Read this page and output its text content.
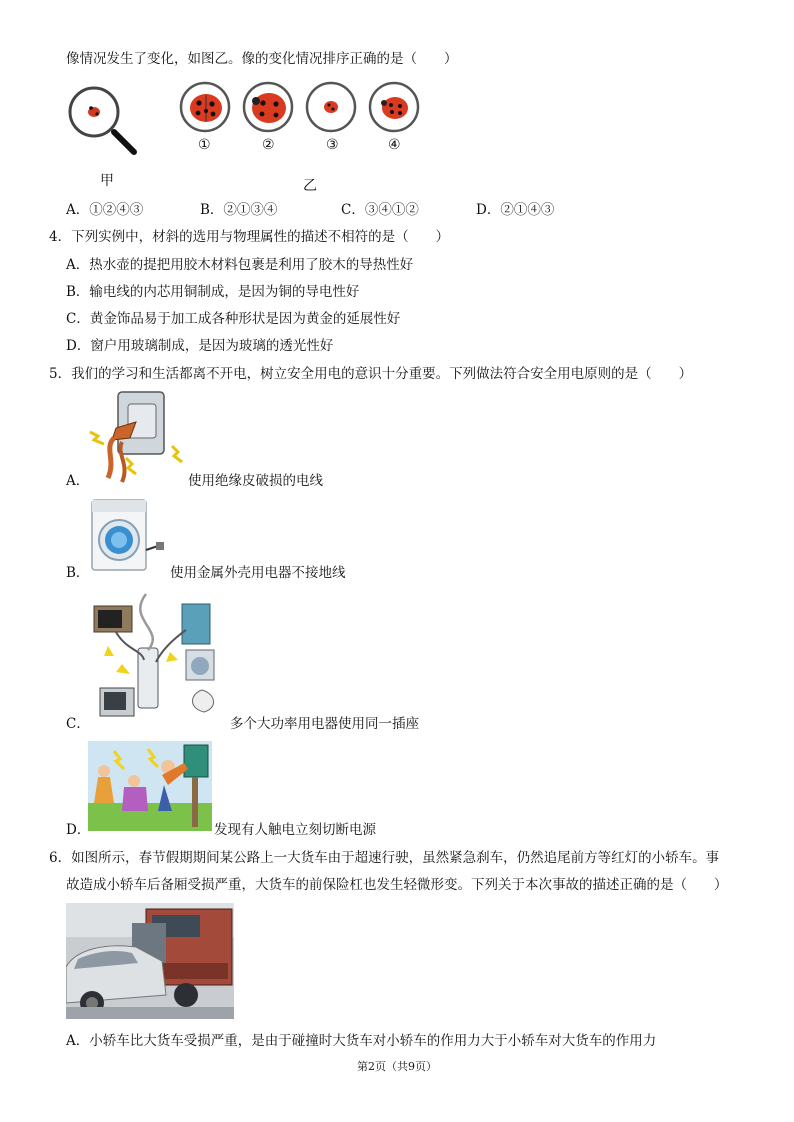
像情况发生了变化，如图乙。像的变化情况排序正确的是（　　）
甲
①	②	③	④
乙
A．①②④③	B．②①③④	C．③④①②	D．②①④③
4．下列实例中，材斜的选用与物理属性的描述不相符的是（　　）
A．热水壶的提把用胶木材料包裹是利用了胶木的导热性好
B．输电线的内芯用铜制成，是因为铜的导电性好
C．黄金饰品易于加工成各种形状是因为黄金的延展性好
D．窗户用玻璃制成，是因为玻璃的透光性好
5．我们的学习和生活都离不开电，树立安全用电的意识十分重要。下列做法符合安全用电原则的是（　　）
A．	使用绝缘皮破损的电线
B．	使用金属外壳用电器不接地线
C．	多个大功率用电器使用同一插座
D．	发现有人触电立刻切断电源
6．如图所示，春节假期期间某公路上一大货车由于超速行驶，虽然紧急刹车，仍然追尾前方等红灯的小轿车。事
故造成小轿车后备厢受损严重，大货车的前保险杠也发生轻微形变。下列关于本次事故的描述正确的是（　　）
A．小轿车比大货车受损严重，是由于碰撞时大货车对小轿车的作用力大于小轿车对大货车的作用力
第2页（共9页）
